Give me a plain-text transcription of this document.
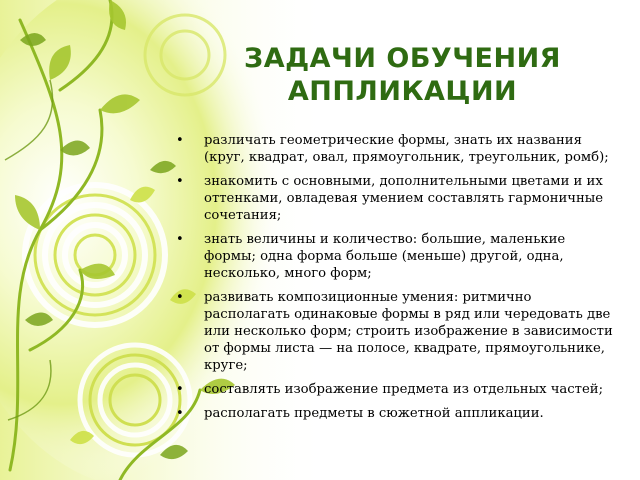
ЗАДАЧИ ОБУЧЕНИЯ
АППЛИКАЦИИ
• различать геометрические формы, знать их названия (круг, квадрат, овал, прямоугольник, треугольник, ромб);
• знакомить с основными, дополнительными цветами и их оттенками, овладевая умением составлять гармоничные сочетания;
• знать величины и количество: большие, маленькие формы; одна форма больше (меньше) другой, одна, несколько, много форм;
• развивать композиционные умения: ритмично располагать одинаковые формы в ряд или чередовать две или несколько форм; строить изображение в зависимости от формы листа — на полосе, квадрате, прямоугольнике, круге;
• составлять изображение предмета из отдельных частей;
• располагать предметы в сюжетной аппликации.
